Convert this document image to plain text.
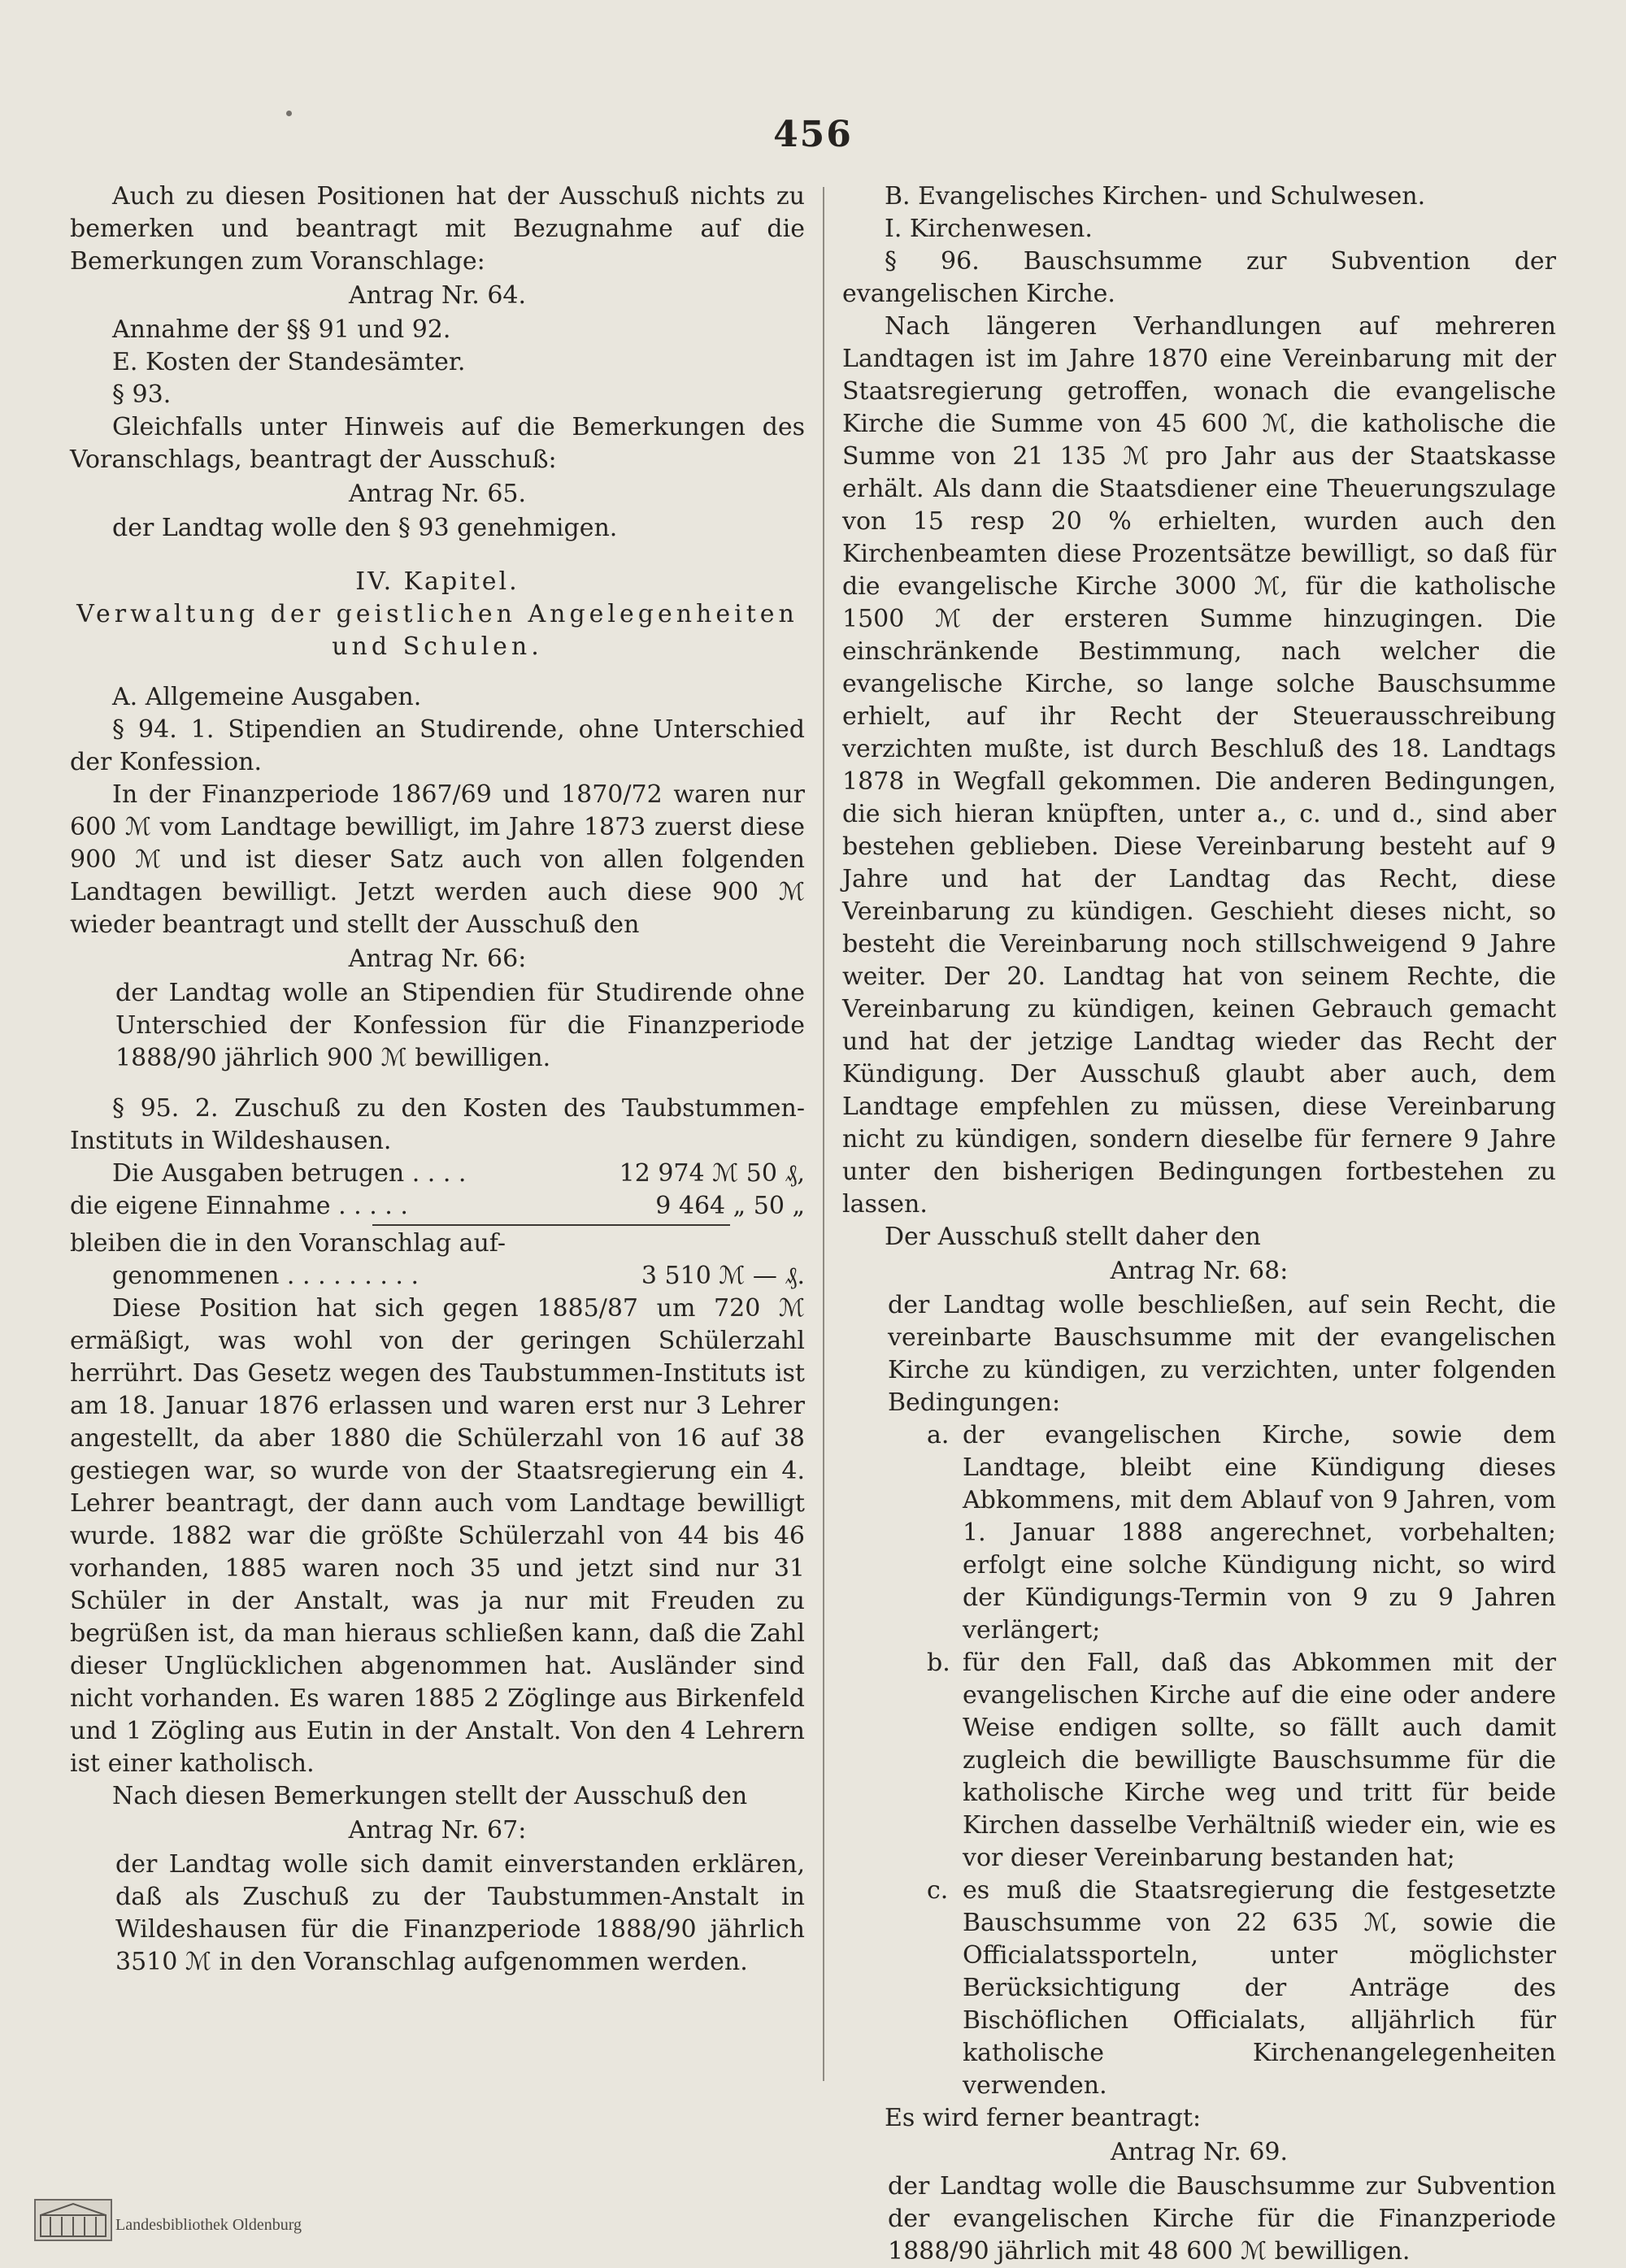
456

Auch zu diesen Positionen hat der Ausschuß nichts zu bemerken und beantragt mit Bezugnahme auf die Bemerkungen zum Voranschlage:

Antrag Nr. 64.

Annahme der §§ 91 und 92.

E. Kosten der Standesämter.

§ 93.

Gleichfalls unter Hinweis auf die Bemerkungen des Voranschlags, beantragt der Ausschuß:

Antrag Nr. 65.

der Landtag wolle den § 93 genehmigen.

IV. Kapitel.

Verwaltung der geistlichen Angelegenheiten und Schulen.

A. Allgemeine Ausgaben.

§ 94. 1. Stipendien an Studirende, ohne Unterschied der Konfession.

In der Finanzperiode 1867/69 und 1870/72 waren nur 600 ℳ vom Landtage bewilligt, im Jahre 1873 zuerst diese 900 ℳ und ist dieser Satz auch von allen folgenden Landtagen bewilligt. Jetzt werden auch diese 900 ℳ wieder beantragt und stellt der Ausschuß den

Antrag Nr. 66:

der Landtag wolle an Stipendien für Studirende ohne Unterschied der Konfession für die Finanzperiode 1888/90 jährlich 900 ℳ bewilligen.

§ 95. 2. Zuschuß zu den Kosten des Taubstummen-Instituts in Wildeshausen.

Die Ausgaben betrugen . . . .	12 974 ℳ 50 ₰,
die eigene Einnahme . . . . .	9 464 „ 50 „
bleiben die in den Voranschlag auf-
genommenen . . . . . . . . .	3 510 ℳ — ₰.

Diese Position hat sich gegen 1885/87 um 720 ℳ ermäßigt, was wohl von der geringen Schülerzahl herrührt. Das Gesetz wegen des Taubstummen-Instituts ist am 18. Januar 1876 erlassen und waren erst nur 3 Lehrer angestellt, da aber 1880 die Schülerzahl von 16 auf 38 gestiegen war, so wurde von der Staatsregierung ein 4. Lehrer beantragt, der dann auch vom Landtage bewilligt wurde. 1882 war die größte Schülerzahl von 44 bis 46 vorhanden, 1885 waren noch 35 und jetzt sind nur 31 Schüler in der Anstalt, was ja nur mit Freuden zu begrüßen ist, da man hieraus schließen kann, daß die Zahl dieser Unglücklichen abgenommen hat. Ausländer sind nicht vorhanden. Es waren 1885 2 Zöglinge aus Birkenfeld und 1 Zögling aus Eutin in der Anstalt. Von den 4 Lehrern ist einer katholisch.

Nach diesen Bemerkungen stellt der Ausschuß den

Antrag Nr. 67:

der Landtag wolle sich damit einverstanden erklären, daß als Zuschuß zu der Taubstummen-Anstalt in Wildeshausen für die Finanzperiode 1888/90 jährlich 3510 ℳ in den Voranschlag aufgenommen werden.

B. Evangelisches Kirchen- und Schulwesen.

I. Kirchenwesen.

§ 96. Bauschsumme zur Subvention der evangelischen Kirche.

Nach längeren Verhandlungen auf mehreren Landtagen ist im Jahre 1870 eine Vereinbarung mit der Staatsregierung getroffen, wonach die evangelische Kirche die Summe von 45 600 ℳ, die katholische die Summe von 21 135 ℳ pro Jahr aus der Staatskasse erhält. Als dann die Staatsdiener eine Theuerungszulage von 15 resp 20 % erhielten, wurden auch den Kirchenbeamten diese Prozentsätze bewilligt, so daß für die evangelische Kirche 3000 ℳ, für die katholische 1500 ℳ der ersteren Summe hinzugingen. Die einschränkende Bestimmung, nach welcher die evangelische Kirche, so lange solche Bauschsumme erhielt, auf ihr Recht der Steuerausschreibung verzichten mußte, ist durch Beschluß des 18. Landtags 1878 in Wegfall gekommen. Die anderen Bedingungen, die sich hieran knüpften, unter a., c. und d., sind aber bestehen geblieben. Diese Vereinbarung besteht auf 9 Jahre und hat der Landtag das Recht, diese Vereinbarung zu kündigen. Geschieht dieses nicht, so besteht die Vereinbarung noch stillschweigend 9 Jahre weiter. Der 20. Landtag hat von seinem Rechte, die Vereinbarung zu kündigen, keinen Gebrauch gemacht und hat der jetzige Landtag wieder das Recht der Kündigung. Der Ausschuß glaubt aber auch, dem Landtage empfehlen zu müssen, diese Vereinbarung nicht zu kündigen, sondern dieselbe für fernere 9 Jahre unter den bisherigen Bedingungen fortbestehen zu lassen.

Der Ausschuß stellt daher den

Antrag Nr. 68:

der Landtag wolle beschließen, auf sein Recht, die vereinbarte Bauschsumme mit der evangelischen Kirche zu kündigen, zu verzichten, unter folgenden Bedingungen:

a. der evangelischen Kirche, sowie dem Landtage, bleibt eine Kündigung dieses Abkommens, mit dem Ablauf von 9 Jahren, vom 1. Januar 1888 angerechnet, vorbehalten; erfolgt eine solche Kündigung nicht, so wird der Kündigungs-Termin von 9 zu 9 Jahren verlängert;
b. für den Fall, daß das Abkommen mit der evangelischen Kirche auf die eine oder andere Weise endigen sollte, so fällt auch damit zugleich die bewilligte Bauschsumme für die katholische Kirche weg und tritt für beide Kirchen dasselbe Verhältniß wieder ein, wie es vor dieser Vereinbarung bestanden hat;
c. es muß die Staatsregierung die festgesetzte Bauschsumme von 22 635 ℳ, sowie die Officialatssporteln, unter möglichster Berücksichtigung der Anträge des Bischöflichen Officialats, alljährlich für katholische Kirchenangelegenheiten verwenden.

Es wird ferner beantragt:

Antrag Nr. 69.

der Landtag wolle die Bauschsumme zur Subvention der evangelischen Kirche für die Finanzperiode 1888/90 jährlich mit 48 600 ℳ bewilligen.

Landesbibliothek Oldenburg
